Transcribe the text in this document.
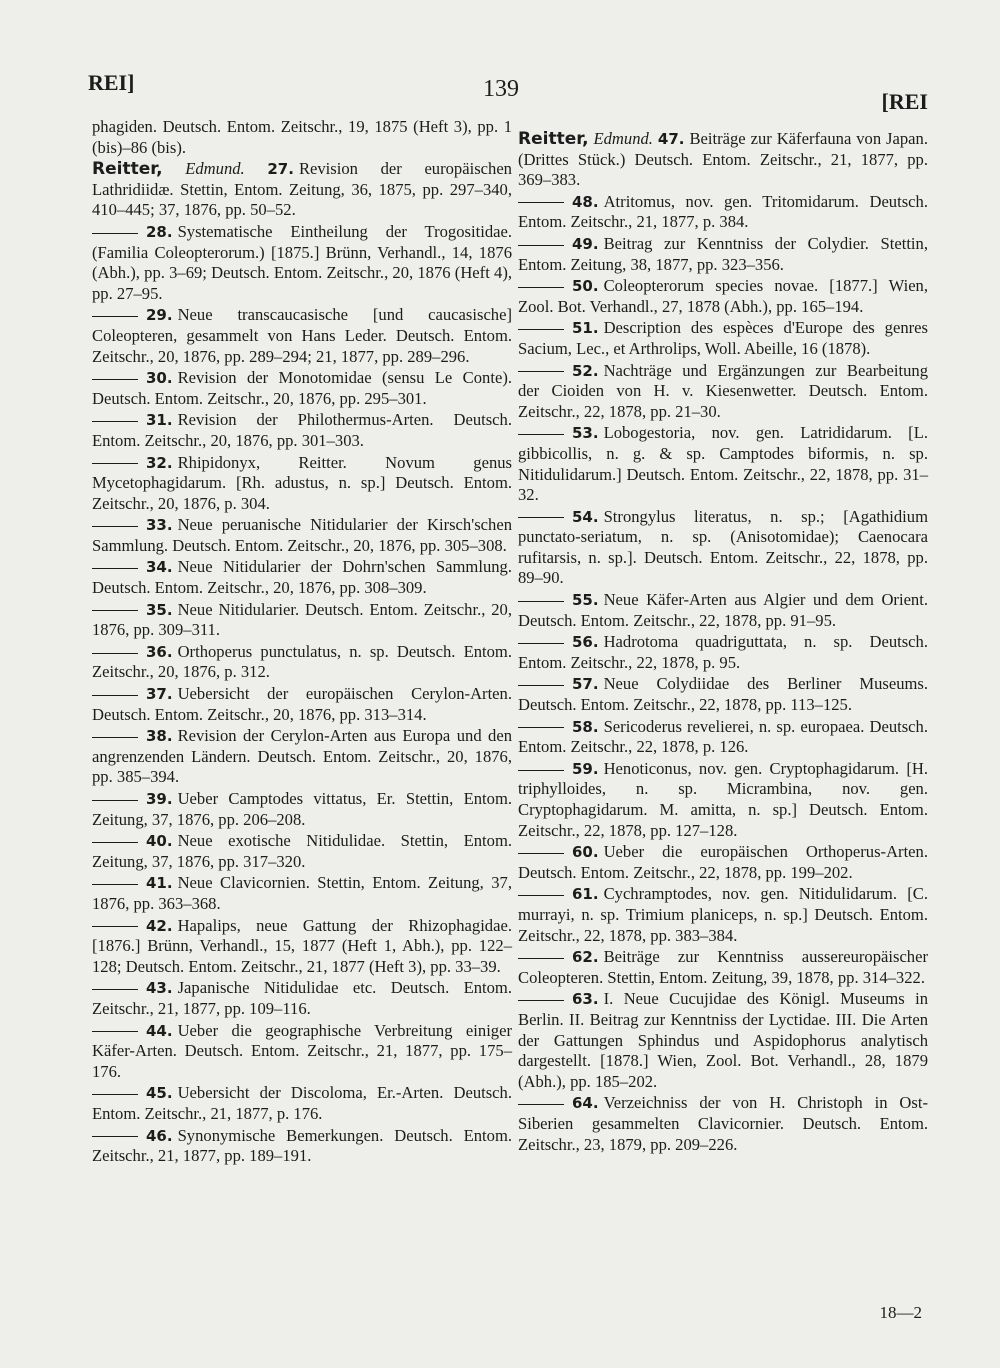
REI]	139	[REI

phagiden. Deutsch. Entom. Zeitschr., 19, 1875 (Heft 3), pp. 1 (bis)–86 (bis).

Reitter, Edmund. 27. Revision der europäischen Lathridiidæ. Stettin, Entom. Zeitung, 36, 1875, pp. 297–340, 410–445; 37, 1876, pp. 50–52.

28. Systematische Eintheilung der Trogositidae. (Familia Coleopterorum.) [1875.] Brünn, Verhandl., 14, 1876 (Abh.), pp. 3–69; Deutsch. Entom. Zeitschr., 20, 1876 (Heft 4), pp. 27–95.

29. Neue transcaucasische [und caucasische] Coleopteren, gesammelt von Hans Leder. Deutsch. Entom. Zeitschr., 20, 1876, pp. 289–294; 21, 1877, pp. 289–296.

30. Revision der Monotomidae (sensu Le Conte). Deutsch. Entom. Zeitschr., 20, 1876, pp. 295–301.

31. Revision der Philothermus-Arten. Deutsch. Entom. Zeitschr., 20, 1876, pp. 301–303.

32. Rhipidonyx, Reitter. Novum genus Mycetophagidarum. [Rh. adustus, n. sp.] Deutsch. Entom. Zeitschr., 20, 1876, p. 304.

33. Neue peruanische Nitidularier der Kirsch'schen Sammlung. Deutsch. Entom. Zeitschr., 20, 1876, pp. 305–308.

34. Neue Nitidularier der Dohrn'schen Sammlung. Deutsch. Entom. Zeitschr., 20, 1876, pp. 308–309.

35. Neue Nitidularier. Deutsch. Entom. Zeitschr., 20, 1876, pp. 309–311.

36. Orthoperus punctulatus, n. sp. Deutsch. Entom. Zeitschr., 20, 1876, p. 312.

37. Uebersicht der europäischen Cerylon-Arten. Deutsch. Entom. Zeitschr., 20, 1876, pp. 313–314.

38. Revision der Cerylon-Arten aus Europa und den angrenzenden Ländern. Deutsch. Entom. Zeitschr., 20, 1876, pp. 385–394.

39. Ueber Camptodes vittatus, Er. Stettin, Entom. Zeitung, 37, 1876, pp. 206–208.

40. Neue exotische Nitidulidae. Stettin, Entom. Zeitung, 37, 1876, pp. 317–320.

41. Neue Clavicornien. Stettin, Entom. Zeitung, 37, 1876, pp. 363–368.

42. Hapalips, neue Gattung der Rhizophagidae. [1876.] Brünn, Verhandl., 15, 1877 (Heft 1, Abh.), pp. 122–128; Deutsch. Entom. Zeitschr., 21, 1877 (Heft 3), pp. 33–39.

43. Japanische Nitidulidae etc. Deutsch. Entom. Zeitschr., 21, 1877, pp. 109–116.

44. Ueber die geographische Verbreitung einiger Käfer-Arten. Deutsch. Entom. Zeitschr., 21, 1877, pp. 175–176.

45. Uebersicht der Discoloma, Er.-Arten. Deutsch. Entom. Zeitschr., 21, 1877, p. 176.

46. Synonymische Bemerkungen. Deutsch. Entom. Zeitschr., 21, 1877, pp. 189–191.

Reitter, Edmund. 47. Beiträge zur Käferfauna von Japan. (Drittes Stück.) Deutsch. Entom. Zeitschr., 21, 1877, pp. 369–383.

48. Atritomus, nov. gen. Tritomidarum. Deutsch. Entom. Zeitschr., 21, 1877, p. 384.

49. Beitrag zur Kenntniss der Colydier. Stettin, Entom. Zeitung, 38, 1877, pp. 323–356.

50. Coleopterorum species novae. [1877.] Wien, Zool. Bot. Verhandl., 27, 1878 (Abh.), pp. 165–194.

51. Description des espèces d'Europe des genres Sacium, Lec., et Arthrolips, Woll. Abeille, 16 (1878).

52. Nachträge und Ergänzungen zur Bearbeitung der Cioiden von H. v. Kiesenwetter. Deutsch. Entom. Zeitschr., 22, 1878, pp. 21–30.

53. Lobogestoria, nov. gen. Latrididarum. [L. gibbicollis, n. g. & sp. Camptodes biformis, n. sp. Nitidulidarum.] Deutsch. Entom. Zeitschr., 22, 1878, pp. 31–32.

54. Strongylus literatus, n. sp.; [Agathidium punctato-seriatum, n. sp. (Anisotomidae); Caenocara rufitarsis, n. sp.]. Deutsch. Entom. Zeitschr., 22, 1878, pp. 89–90.

55. Neue Käfer-Arten aus Algier und dem Orient. Deutsch. Entom. Zeitschr., 22, 1878, pp. 91–95.

56. Hadrotoma quadriguttata, n. sp. Deutsch. Entom. Zeitschr., 22, 1878, p. 95.

57. Neue Colydiidae des Berliner Museums. Deutsch. Entom. Zeitschr., 22, 1878, pp. 113–125.

58. Sericoderus revelierei, n. sp. europaea. Deutsch. Entom. Zeitschr., 22, 1878, p. 126.

59. Henoticonus, nov. gen. Cryptophagidarum. [H. triphylloides, n. sp. Micrambina, nov. gen. Cryptophagidarum. M. amitta, n. sp.] Deutsch. Entom. Zeitschr., 22, 1878, pp. 127–128.

60. Ueber die europäischen Orthoperus-Arten. Deutsch. Entom. Zeitschr., 22, 1878, pp. 199–202.

61. Cychramptodes, nov. gen. Nitidulidarum. [C. murrayi, n. sp. Trimium planiceps, n. sp.] Deutsch. Entom. Zeitschr., 22, 1878, pp. 383–384.

62. Beiträge zur Kenntniss aussereuropäischer Coleopteren. Stettin, Entom. Zeitung, 39, 1878, pp. 314–322.

63. I. Neue Cucujidae des Königl. Museums in Berlin. II. Beitrag zur Kenntniss der Lyctidae. III. Die Arten der Gattungen Sphindus und Aspidophorus analytisch dargestellt. [1878.] Wien, Zool. Bot. Verhandl., 28, 1879 (Abh.), pp. 185–202.

64. Verzeichniss der von H. Christoph in Ost-Siberien gesammelten Clavicornier. Deutsch. Entom. Zeitschr., 23, 1879, pp. 209–226.

18—2
